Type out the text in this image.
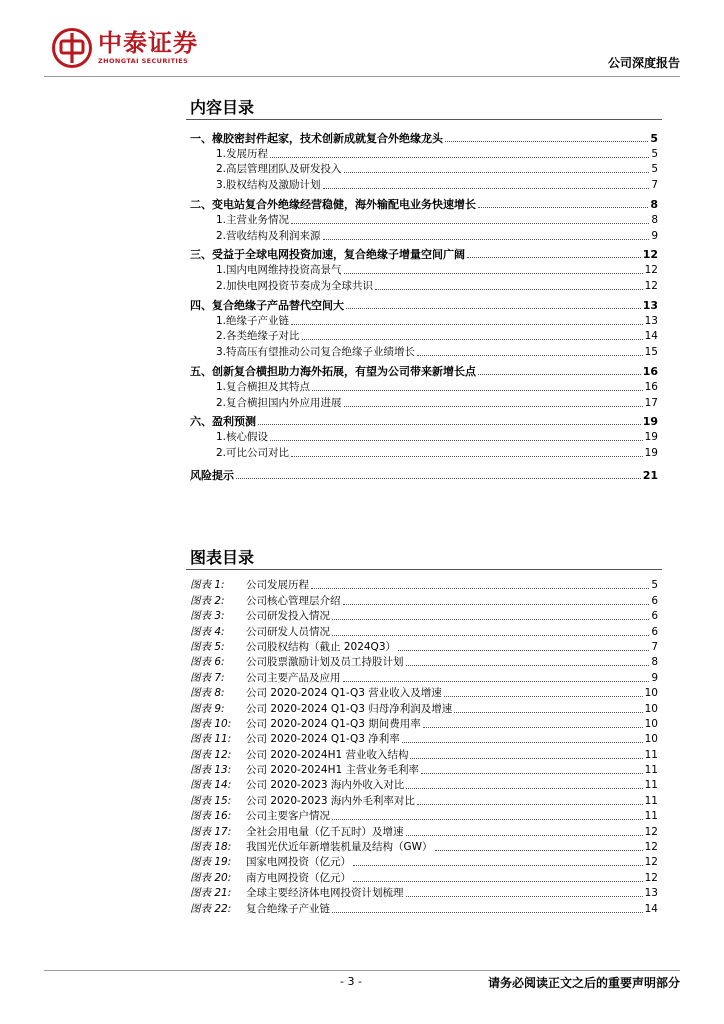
中泰证券
ZHONGTAI SECURITIES	公司深度报告
内容目录
一、橡胶密封件起家，技术创新成就复合外绝缘龙头	5
1.发展历程	5
2.高层管理团队及研发投入	5
3.股权结构及激励计划	7
二、变电站复合外绝缘经营稳健，海外输配电业务快速增长	8
1.主营业务情况	8
2.营收结构及利润来源	9
三、受益于全球电网投资加速，复合绝缘子增量空间广阔	12
1.国内电网维持投资高景气	12
2.加快电网投资节奏成为全球共识	12
四、复合绝缘子产品替代空间大	13
1.绝缘子产业链	13
2.各类绝缘子对比	14
3.特高压有望推动公司复合绝缘子业绩增长	15
五、创新复合横担助力海外拓展，有望为公司带来新增长点	16
1.复合横担及其特点	16
2.复合横担国内外应用进展	17
六、盈利预测	19
1.核心假设	19
2.可比公司对比	19
风险提示	21
图表目录
图表 1:	公司发展历程	5
图表 2:	公司核心管理层介绍	6
图表 3:	公司研发投入情况	6
图表 4:	公司研发人员情况	6
图表 5:	公司股权结构（截止 2024Q3）	7
图表 6:	公司股票激励计划及员工持股计划	8
图表 7:	公司主要产品及应用	9
图表 8:	公司 2020-2024 Q1-Q3 营业收入及增速	10
图表 9:	公司 2020-2024 Q1-Q3 归母净利润及增速	10
图表 10:	公司 2020-2024 Q1-Q3 期间费用率	10
图表 11:	公司 2020-2024 Q1-Q3 净利率	10
图表 12:	公司 2020-2024H1 营业收入结构	11
图表 13:	公司 2020-2024H1 主营业务毛利率	11
图表 14:	公司 2020-2023 海内外收入对比	11
图表 15:	公司 2020-2023 海内外毛利率对比	11
图表 16:	公司主要客户情况	11
图表 17:	全社会用电量（亿千瓦时）及增速	12
图表 18:	我国光伏近年新增装机量及结构（GW）	12
图表 19:	国家电网投资（亿元）	12
图表 20:	南方电网投资（亿元）	12
图表 21:	全球主要经济体电网投资计划梳理	13
图表 22:	复合绝缘子产业链	14
- 3 -	请务必阅读正文之后的重要声明部分
